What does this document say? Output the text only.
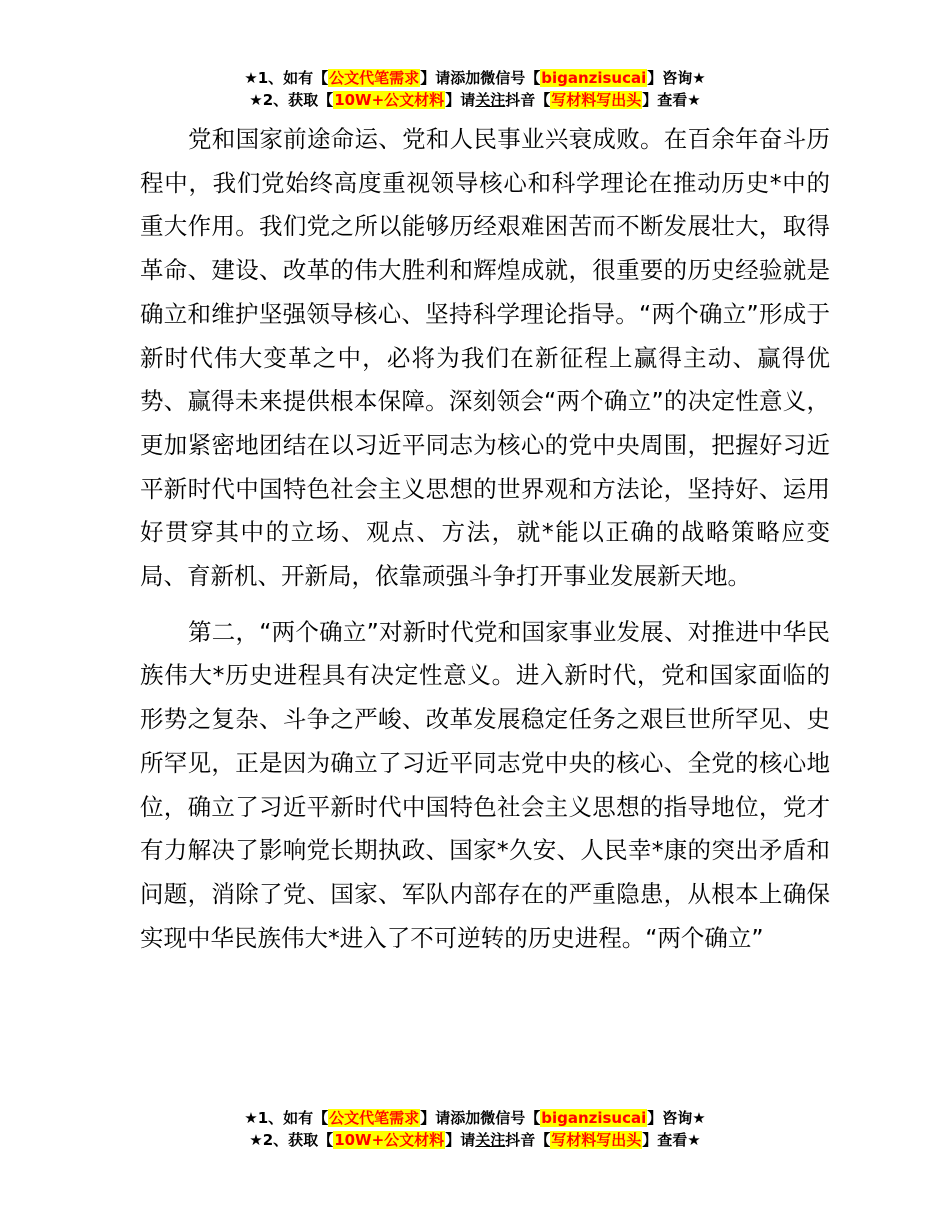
★1、如有【公文代笔需求】请添加微信号【biganzisucai】咨询★
★2、获取【10W+公文材料】请关注抖音【写材料写出头】查看★

党和国家前途命运、党和人民事业兴衰成败。在百余年奋斗历程中，我们党始终高度重视领导核心和科学理论在推动历史*中的重大作用。我们党之所以能够历经艰难困苦而不断发展壮大，取得革命、建设、改革的伟大胜利和辉煌成就，很重要的历史经验就是确立和维护坚强领导核心、坚持科学理论指导。“两个确立”形成于新时代伟大变革之中，必将为我们在新征程上赢得主动、赢得优势、赢得未来提供根本保障。深刻领会“两个确立”的决定性意义，更加紧密地团结在以习近平同志为核心的党中央周围，把握好习近平新时代中国特色社会主义思想的世界观和方法论，坚持好、运用好贯穿其中的立场、观点、方法，就*能以正确的战略策略应变局、育新机、开新局，依靠顽强斗争打开事业发展新天地。

第二，“两个确立”对新时代党和国家事业发展、对推进中华民族伟大*历史进程具有决定性意义。进入新时代，党和国家面临的形势之复杂、斗争之严峻、改革发展稳定任务之艰巨世所罕见、史所罕见，正是因为确立了习近平同志党中央的核心、全党的核心地位，确立了习近平新时代中国特色社会主义思想的指导地位，党才有力解决了影响党长期执政、国家*久安、人民幸*康的突出矛盾和问题，消除了党、国家、军队内部存在的严重隐患，从根本上确保实现中华民族伟大*进入了不可逆转的历史进程。“两个确立”

★1、如有【公文代笔需求】请添加微信号【biganzisucai】咨询★
★2、获取【10W+公文材料】请关注抖音【写材料写出头】查看★
